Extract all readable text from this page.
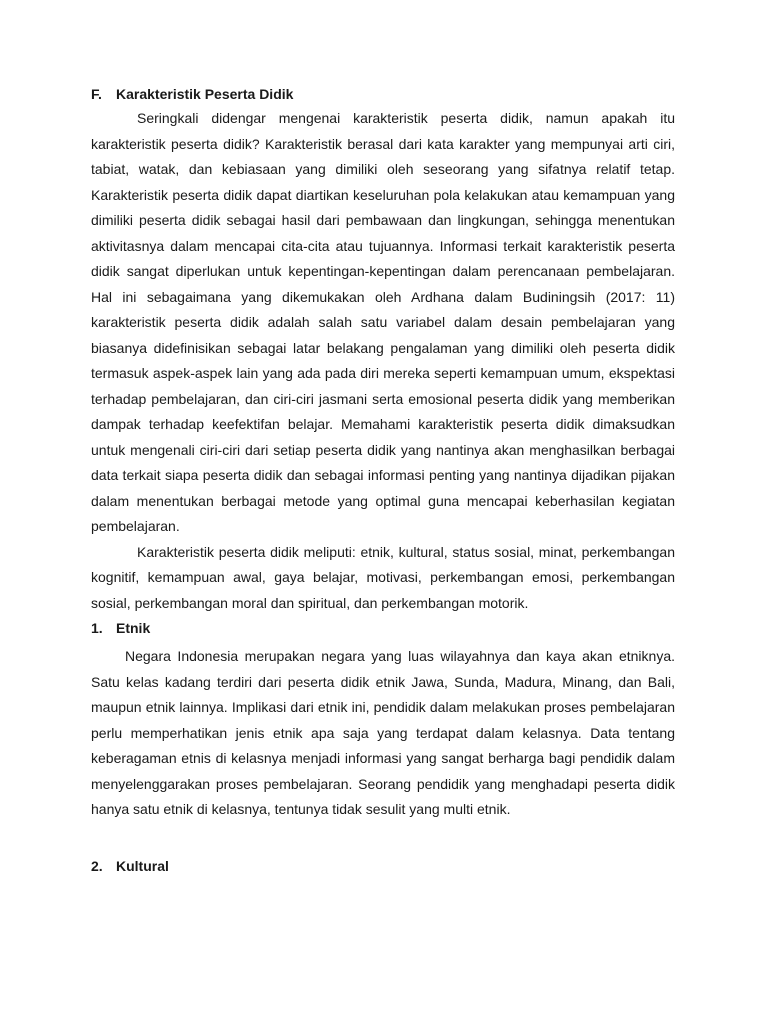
F.	Karakteristik Peserta Didik

Seringkali didengar mengenai karakteristik peserta didik, namun apakah itu karakteristik peserta didik? Karakteristik berasal dari kata karakter yang mempunyai arti ciri, tabiat, watak, dan kebiasaan yang dimiliki oleh seseorang yang sifatnya relatif tetap. Karakteristik peserta didik dapat diartikan keseluruhan pola kelakukan atau kemampuan yang dimiliki peserta didik sebagai hasil dari pembawaan dan lingkungan, sehingga menentukan aktivitasnya dalam mencapai cita-cita atau tujuannya. Informasi terkait karakteristik peserta didik sangat diperlukan untuk kepentingan-kepentingan dalam perencanaan pembelajaran. Hal ini sebagaimana yang dikemukakan oleh Ardhana dalam Budiningsih (2017: 11) karakteristik peserta didik adalah salah satu variabel dalam desain pembelajaran yang biasanya didefinisikan sebagai latar belakang pengalaman yang dimiliki oleh peserta didik termasuk aspek-aspek lain yang ada pada diri mereka seperti kemampuan umum, ekspektasi terhadap pembelajaran, dan ciri-ciri jasmani serta emosional peserta didik yang memberikan dampak terhadap keefektifan belajar. Memahami karakteristik peserta didik dimaksudkan untuk mengenali ciri-ciri dari setiap peserta didik yang nantinya akan menghasilkan berbagai data terkait siapa peserta didik dan sebagai informasi penting yang nantinya dijadikan pijakan dalam menentukan berbagai metode yang optimal guna mencapai keberhasilan kegiatan pembelajaran.

Karakteristik peserta didik meliputi: etnik, kultural, status sosial, minat, perkembangan kognitif, kemampuan awal, gaya belajar, motivasi, perkembangan emosi, perkembangan sosial, perkembangan moral dan spiritual, dan perkembangan motorik.

1. Etnik

Negara Indonesia merupakan negara yang luas wilayahnya dan kaya akan etniknya. Satu kelas kadang terdiri dari peserta didik etnik Jawa, Sunda, Madura, Minang, dan Bali, maupun etnik lainnya. Implikasi dari etnik ini, pendidik dalam melakukan proses pembelajaran perlu memperhatikan jenis etnik apa saja yang terdapat dalam kelasnya. Data tentang keberagaman etnis di kelasnya menjadi informasi yang sangat berharga bagi pendidik dalam menyelenggarakan proses pembelajaran. Seorang pendidik yang menghadapi peserta didik hanya satu etnik di kelasnya, tentunya tidak sesulit yang multi etnik.

2. Kultural
